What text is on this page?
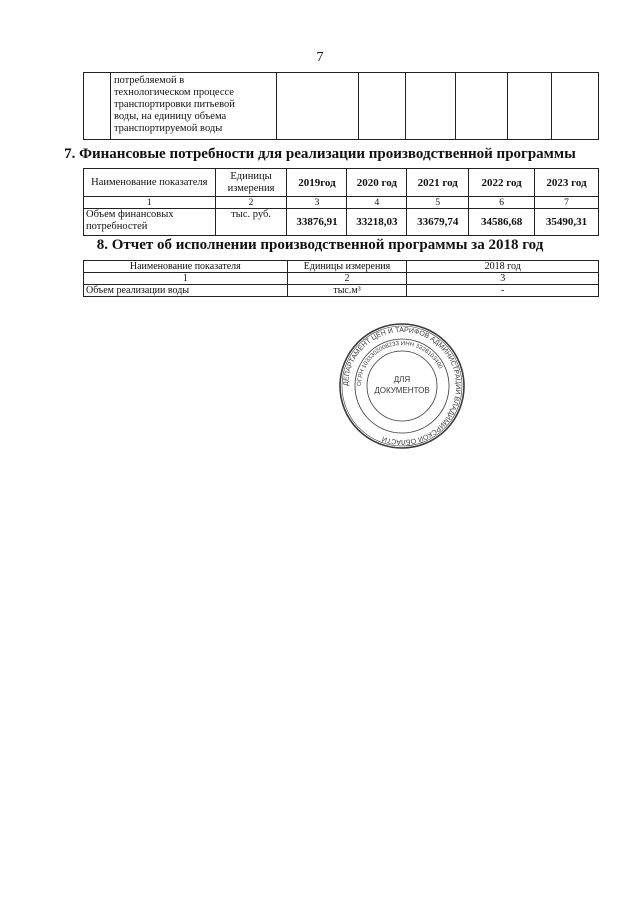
7

потребляемой в
технологическом процессе
транспортировки питьевой
воды, на единицу объема
транспортируемой воды

7. Финансовые потребности для реализации производственной программы
Наименование показателя	Единицы измерения	2019год	2020 год	2021 год	2022 год	2023 год
1	2	3	4	5	6	7
Объем финансовых потребностей	тыс. руб.	33876,91	33218,03	33679,74	34586,68	35490,31
8. Отчет об исполнении производственной программы за 2018 год
Наименование показателя	Единицы измерения	2018 год
1	2	3
Объем реализации воды	тыс.м³	-
ДЕПАРТАМЕНТ ЦЕН И ТАРИФОВ АДМИНИСТРАЦИИ ВЛАДИМИРСКОЙ ОБЛАСТИ
ОГРН 1033302008233 ИНН 3328103400
ДЛЯ
ДОКУМЕНТОВ
